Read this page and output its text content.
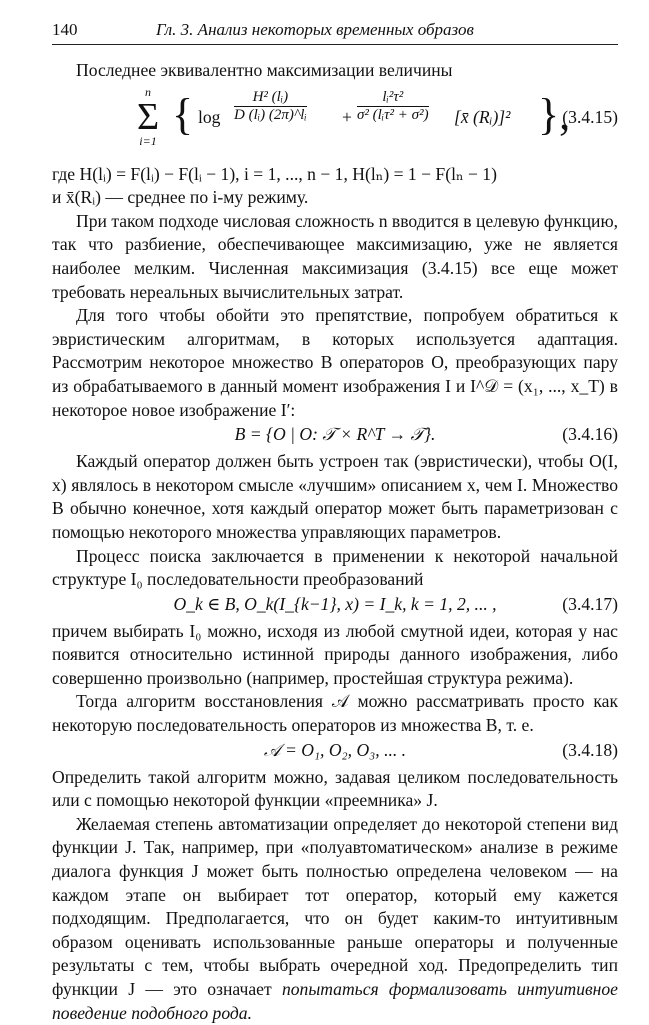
140	Гл. 3. Анализ некоторых временных образов

Последнее эквивалентно максимизации величины

n
Σ
i=1
{ $\log \frac{\text{H² (lᵢ)}}{\text{D (lᵢ) (2π)\textasciicircum{}lᵢ}}$ +
lᵢ²τ²
σ² (lᵢτ² + σ²) [x̄ (Rᵢ)]² },
(3.4.15)

где H(lᵢ) = F(lᵢ) − F(lᵢ − 1), i = 1, ..., n − 1, H(lₙ) = 1 − F(lₙ − 1)

и x̄(Rᵢ) — среднее по i-му режиму.

При таком подходе числовая сложность n вводится в целевую функцию, так что разбиение, обеспечивающее максимизацию, уже не является наиболее мелким. Численная максимизация (3.4.15) все еще может требовать нереальных вычислительных затрат.

Для того чтобы обойти это препятствие, попробуем обратиться к эвристическим алгоритмам, в которых используется адаптация. Рассмотрим некоторое множество B операторов O, преобразующих пару из обрабатываемого в данный момент изображения I и I^𝒟 = (x₁, ..., x_T) в некоторое новое изображение I′:

B = {O | O: 𝒯 × R^T → 𝒯}.	(3.4.16)

Каждый оператор должен быть устроен так (эвристически), чтобы O(I, x) являлось в некотором смысле «лучшим» описанием x, чем I. Множество B обычно конечное, хотя каждый оператор может быть параметризован с помощью некоторого множества управляющих параметров.

Процесс поиска заключается в применении к некоторой начальной структуре I₀ последовательности преобразований

O_k ∈ B, O_k(I_{k−1}, x) = I_k, k = 1, 2, ... ,	(3.4.17)

причем выбирать I₀ можно, исходя из любой смутной идеи, которая у нас появится относительно истинной природы данного изображения, либо совершенно произвольно (например, простейшая структура режима).

Тогда алгоритм восстановления 𝒜 можно рассматривать просто как некоторую последовательность операторов из множества B, т. е.

𝒜 = O₁, O₂, O₃, ... .	(3.4.18)

Определить такой алгоритм можно, задавая целиком последовательность или с помощью некоторой функции «преемника» J.

Желаемая степень автоматизации определяет до некоторой степени вид функции J. Так, например, при «полуавтоматическом» анализе в режиме диалога функция J может быть полностью определена человеком — на каждом этапе он выбирает тот оператор, который ему кажется подходящим. Предполагается, что он будет каким-то интуитивным образом оценивать использованные раньше операторы и полученные результаты с тем, чтобы выбрать очередной ход. Предопределить тип функции J — это означает попытаться формализовать интуитивное поведение подобного рода.
